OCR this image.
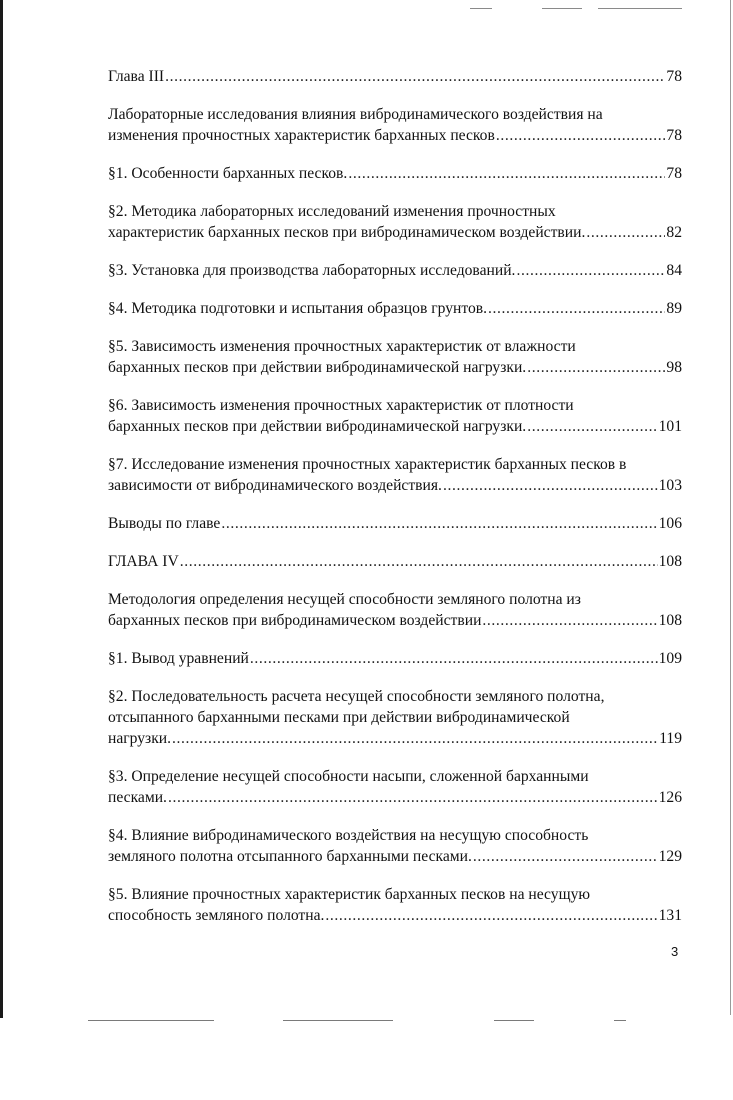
Глава III .....	78
Лабораторные исследования влияния вибродинамического воздействия на
изменения прочностных характеристик барханных песков .....	78
§1. Особенности барханных песков. .....	78
§2. Методика лабораторных исследований изменения прочностных
характеристик барханных песков при вибродинамическом воздействии. .....	82
§3. Установка для производства лабораторных исследований. .....	84
§4. Методика подготовки и испытания образцов грунтов. .....	89
§5. Зависимость изменения прочностных характеристик от влажности
барханных песков при действии вибродинамической нагрузки. .....	98
§6. Зависимость изменения прочностных характеристик от плотности
барханных песков при действии вибродинамической нагрузки. .....	101
§7. Исследование изменения прочностных характеристик барханных песков в
зависимости от вибродинамического воздействия. .....	103
Выводы по главе .....	106
ГЛАВА IV .....	108
Методология определения несущей способности земляного полотна из
барханных песков при вибродинамическом воздействии .....	108
§1. Вывод уравнений .....	109
§2. Последовательность расчета несущей способности земляного полотна,
отсыпанного барханными песками при действии вибродинамической
нагрузки. .....	119
§3. Определение несущей способности насыпи, сложенной барханными
песками. .....	126
§4. Влияние вибродинамического воздействия на несущую способность
земляного полотна отсыпанного барханными песками. .....	129
§5. Влияние прочностных характеристик барханных песков на несущую
способность земляного полотна. .....	131
3
